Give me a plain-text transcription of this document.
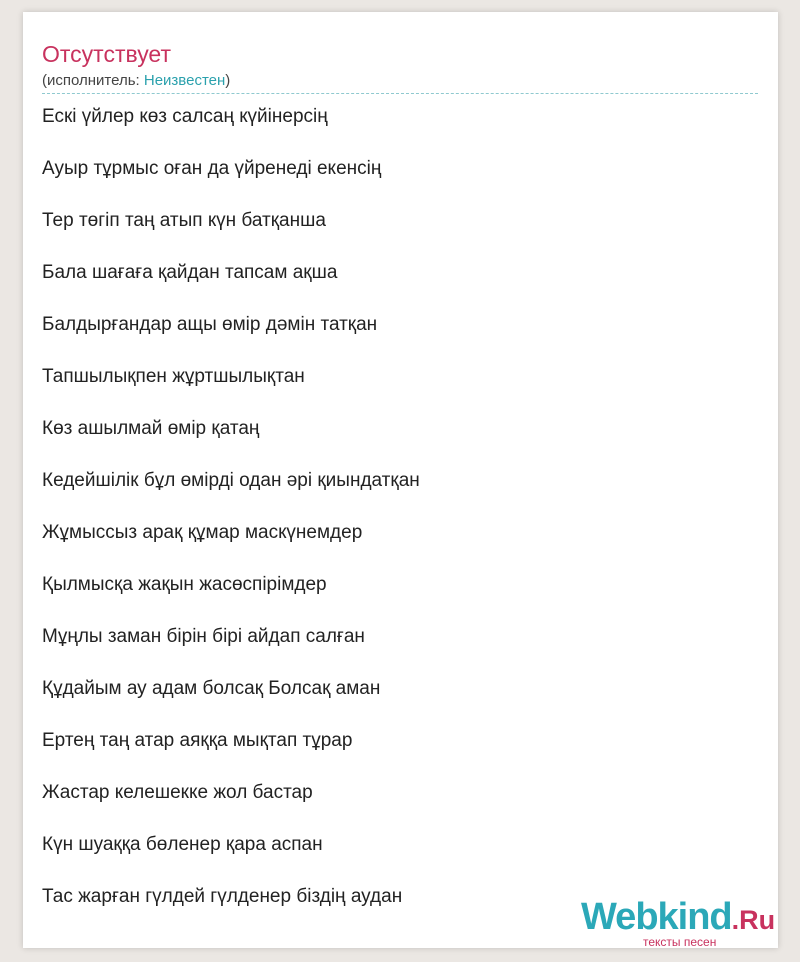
Отсутствует
(исполнитель: Неизвестен)
Ескі үйлер көз салсаң күйінерсің
Ауыр тұрмыс оған да үйренеді екенсің
Тер төгіп таң атып күн батқанша
Бала шағаға қайдан тапсам ақша
Балдырғандар ащы өмір дәмін татқан
Тапшылықпен жұртшылықтан
Көз ашылмай өмір қатаң
Кедейшілік бұл өмірді одан әрі қиындатқан
Жұмыссыз арақ құмар маскүнемдер
Қылмысқа жақын жасөспірімдер
Мұңлы заман бірін бірі айдап салған
Құдайым ау адам болсақ Болсақ аман
Ертең таң атар аяққа мықтап тұрар
Жастар келешекке жол бастар
Күн шуаққа бөленер қара аспан
Тас жарған гүлдей гүлденер біздің аудан	Webkind.Ru
тексты песен
